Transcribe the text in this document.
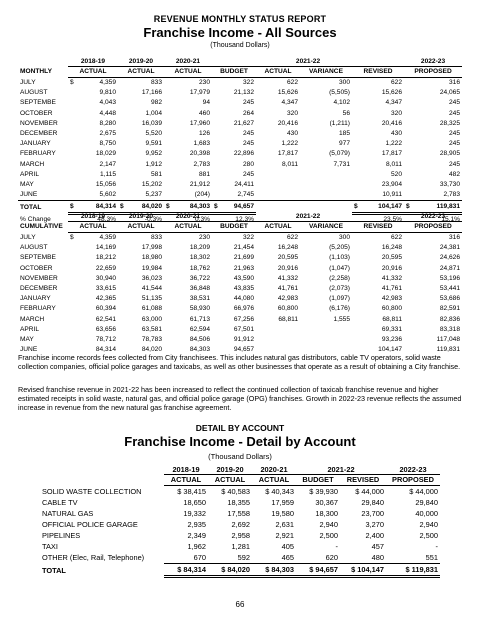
REVENUE MONTHLY STATUS REPORT
Franchise Income - All Sources
(Thousand Dollars)
	2018-19	2019-20	2020-21	2021-22				2022-23
MONTHLY	ACTUAL	ACTUAL	ACTUAL	BUDGET	ACTUAL	VARIANCE	REVISED	PROPOSED
JULY	$ 4,359	833	230	322	622	300	622	316
AUGUST	9,810	17,166	17,979	21,132	15,626	(5,505)	15,626	24,065
SEPTEMBE	4,043	982	94	245	4,347	4,102	4,347	245
OCTOBER	4,448	1,004	460	264	320	56	320	245
NOVEMBER	8,280	16,039	17,960	21,627	20,416	(1,211)	20,416	28,325
DECEMBER	2,675	5,520	126	245	430	185	430	245
JANUARY	8,750	9,591	1,683	245	1,222	977	1,222	245
FEBRUARY	18,029	9,952	20,398	22,896	17,817	(5,079)	17,817	28,905
MARCH	2,147	1,912	2,783	280	8,011	7,731	8,011	245
APRIL	1,115	581	881	245			520	482
MAY	15,056	15,202	21,912	24,411			23,904	33,730
JUNE	5,602	5,237	(204)	2,745			10,911	2,783
TOTAL	$ 84,314	$ 84,020	$ 84,303	$ 94,657			$ 104,147	$ 119,831
% Change	48.3%	-0.3%	0.3%	12.3%			23.5%	15.1%
	2018-19	2019-20	2020-21	2021-22				2022-23
CUMULATIVE	ACTUAL	ACTUAL	ACTUAL	BUDGET	ACTUAL	VARIANCE	REVISED	PROPOSED
JULY	$ 4,359	833	230	322	622	300	622	316
AUGUST	14,169	17,998	18,209	21,454	16,248	(5,205)	16,248	24,381
SEPTEMBE	18,212	18,980	18,302	21,699	20,595	(1,103)	20,595	24,626
OCTOBER	22,659	19,984	18,762	21,963	20,916	(1,047)	20,916	24,871
NOVEMBER	30,940	36,023	36,722	43,590	41,332	(2,258)	41,332	53,196
DECEMBER	33,615	41,544	36,848	43,835	41,761	(2,073)	41,761	53,441
JANUARY	42,365	51,135	38,531	44,080	42,983	(1,097)	42,983	53,686
FEBRUARY	60,394	61,088	58,930	66,976	60,800	(6,176)	60,800	82,591
MARCH	62,541	63,000	61,713	67,256	68,811	1,555	68,811	82,836
APRIL	63,656	63,581	62,594	67,501			69,331	83,318
MAY	78,712	78,783	84,506	91,912			93,236	117,048
JUNE	84,314	84,020	84,303	94,657			104,147	119,831
Franchise income records fees collected from City franchisees. This includes natural gas distributors, cable TV operators, solid waste collection companies, official police garages and taxicabs, as well as other businesses that operate as a result of obtaining a City franchise.
Revised franchise revenue in 2021-22 has been increased to reflect the continued collection of taxicab franchise revenue and higher estimated receipts in solid waste, natural gas, and official police garage (OPG) franchises. Growth in 2022-23 revenue reflects the assumed increase in revenue from the new natural gas franchise agreement.
DETAIL BY ACCOUNT
Franchise Income - Detail by Account
(Thousand Dollars)
	2018-19	2019-20	2020-21	2021-22		2022-23
	ACTUAL	ACTUAL	ACTUAL	BUDGET	REVISED	PROPOSED
SOLID WASTE COLLECTION	$ 38,415	$ 40,583	$ 40,343	$ 39,930	$ 44,000	$ 44,000
CABLE TV	18,650	18,355	17,959	30,367	29,840	29,840
NATURAL GAS	19,332	17,558	19,580	18,300	23,700	40,000
OFFICIAL POLICE GARAGE	2,935	2,692	2,631	2,940	3,270	2,940
PIPELINES	2,349	2,958	2,921	2,500	2,400	2,500
TAXI	1,962	1,281	405	-	457	-
OTHER (Elec, Rail, Telephone)	670	592	465	620	480	551
TOTAL	$ 84,314	$ 84,020	$ 84,303	$ 94,657	$ 104,147	$ 119,831
66
